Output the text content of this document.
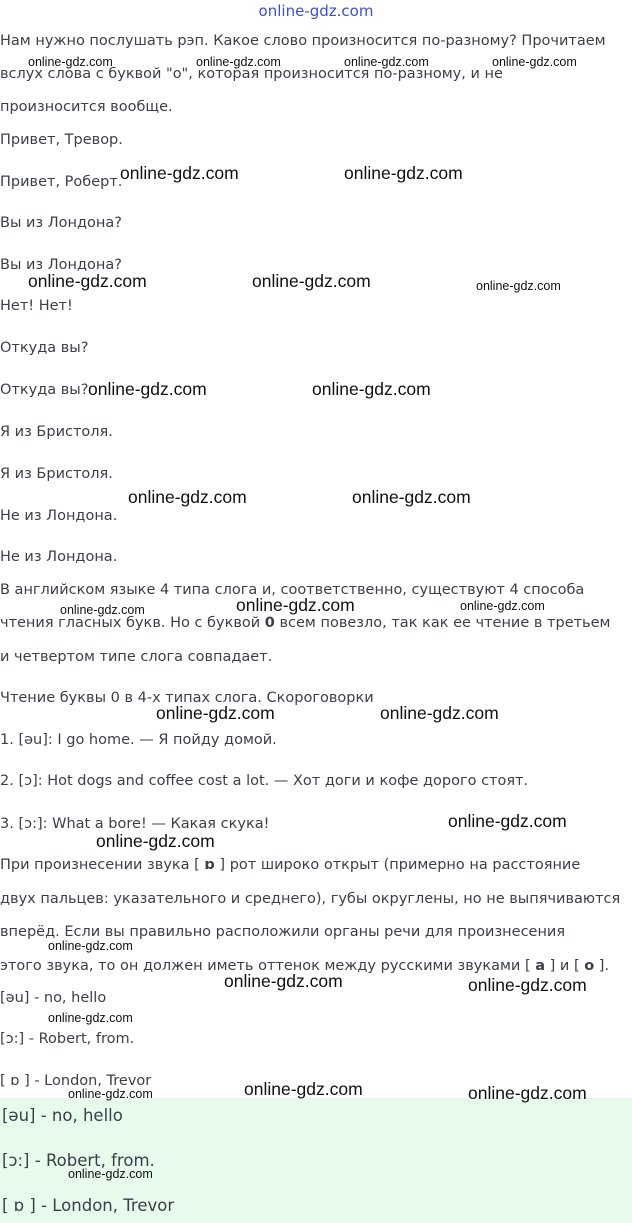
online-gdz.com
Нам нужно послушать рэп. Какое слово произносится по-разному? Прочитаем
вслух слова с буквой "о", которая произносится по-разному, и не
произносится вообще.
Привет, Тревор.
Привет, Роберт.
Вы из Лондона?
Вы из Лондона?
Нет! Нет!
Откуда вы?
Откуда вы?
Я из Бристоля.
Я из Бристоля.
Не из Лондона.
Не из Лондона.
В английском языке 4 типа слога и, соответственно, существуют 4 способа
чтения гласных букв. Но с буквой 0 всем повезло, так как ее чтение в третьем
и четвертом типе слога совпадает.
Чтение буквы 0 в 4-х типах слога. Скороговорки
1. [əu]: I go home. — Я пойду домой.
2. [ɔ]: Hot dogs and coffee cost a lot. — Хот доги и кофе дорого стоят.
3. [ɔ:]: What a bore! — Какая скука!
При произнесении звука [ ɒ ] рот широко открыт (примерно на расстояние
двух пальцев: указательного и среднего), губы округлены, но не выпячиваются
вперёд. Если вы правильно расположили органы речи для произнесения
этого звука, то он должен иметь оттенок между русскими звуками [ а ] и [ о ].
[əu] - no, hello
[ɔ:] - Robert, from.
[ ɒ ] - London, Trevor
[əu] - no, hello
[ɔ:] - Robert, from.
[ ɒ ] - London, Trevor
online-gdz.com	online-gdz.com	online-gdz.com	online-gdz.com
online-gdz.com	online-gdz.com
online-gdz.com	online-gdz.com	online-gdz.com
online-gdz.com	online-gdz.com
online-gdz.com	online-gdz.com
online-gdz.com	online-gdz.com	online-gdz.com
online-gdz.com	online-gdz.com
online-gdz.com
online-gdz.com
online-gdz.com
online-gdz.com	online-gdz.com
online-gdz.com
online-gdz.com	online-gdz.com
online-gdz.com
online-gdz.com
